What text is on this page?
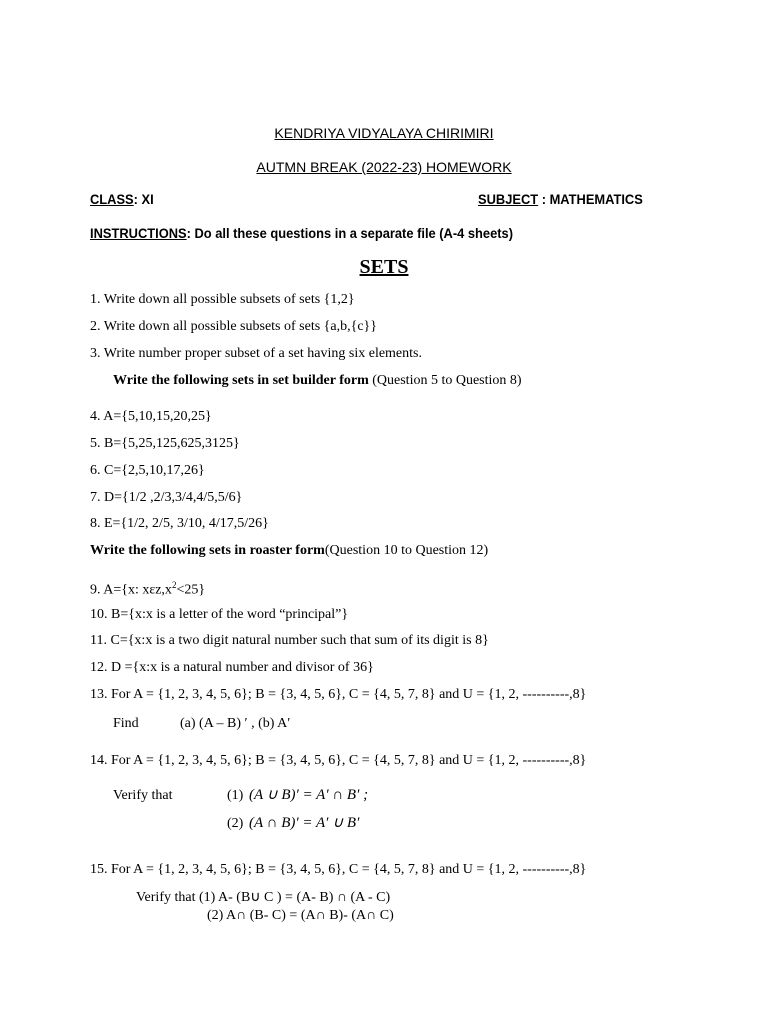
KENDRIYA VIDYALAYA CHIRIMIRI
AUTMN BREAK (2022-23) HOMEWORK
CLASS: XI	SUBJECT : MATHEMATICS
INSTRUCTIONS: Do all these questions in a separate file (A-4 sheets)
SETS
1. Write down all possible subsets of sets {1,2}
2. Write down all possible subsets of sets {a,b,{c}}
3. Write number proper subset of a set having six elements.
Write the following sets in set builder form (Question 5 to Question 8)
4. A={5,10,15,20,25}
5. B={5,25,125,625,3125}
6. C={2,5,10,17,26}
7. D={1/2 ,2/3,3/4,4/5,5/6}
8. E={1/2, 2/5, 3/10, 4/17,5/26}
Write the following sets in roaster form(Question 10 to Question 12)
9. A={x: $x\varepsilon z,x^2<25$}
10. B={x:x is a letter of the word “principal”}
11. C={x:x is a two digit natural number such that sum of its digit is 8}
12. D ={x:x is a natural number and divisor of 36}
13. For A = {1, 2, 3, 4, 5, 6}; B = {3, 4, 5, 6}, C = {4, 5, 7, 8} and U = {1, 2, ----------,8}
Find	(a) (A – B) ′ , (b) A′
14. For A = {1, 2, 3, 4, 5, 6}; B = {3, 4, 5, 6}, C = {4, 5, 7, 8} and U = {1, 2, ----------,8}
Verify that	(1) (A ∪ B)′ = A′ ∩ B′ ;
(2) (A ∩ B)′ = A′ ∪ B′
15. For A = {1, 2, 3, 4, 5, 6}; B = {3, 4, 5, 6}, C = {4, 5, 7, 8} and U = {1, 2, ----------,8}
Verify that (1) A- (B∪ C ) = (A- B) ∩ (A - C)
(2) A∩ (B- C) = (A∩ B)- (A∩ C)
